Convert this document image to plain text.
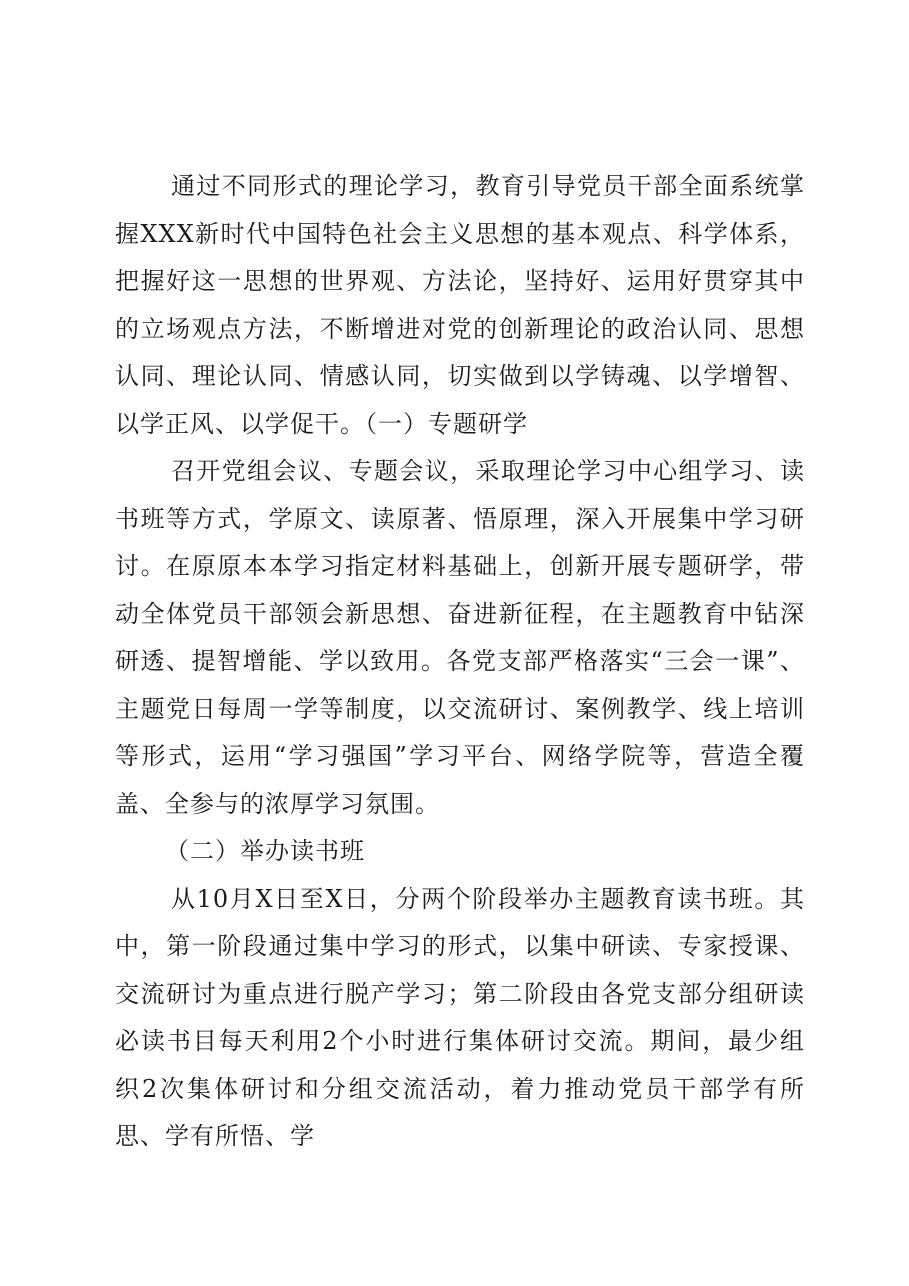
通过不同形式的理论学习，教育引导党员干部全面系统掌握XXX新时代中国特色社会主义思想的基本观点、科学体系，把握好这一思想的世界观、方法论，坚持好、运用好贯穿其中的立场观点方法，不断增进对党的创新理论的政治认同、思想认同、理论认同、情感认同，切实做到以学铸魂、以学增智、以学正风、以学促干。（一）专题研学

召开党组会议、专题会议，采取理论学习中心组学习、读书班等方式，学原文、读原著、悟原理，深入开展集中学习研讨。在原原本本学习指定材料基础上，创新开展专题研学，带动全体党员干部领会新思想、奋进新征程，在主题教育中钻深研透、提智增能、学以致用。各党支部严格落实“三会一课”、主题党日每周一学等制度，以交流研讨、案例教学、线上培训等形式，运用“学习强国”学习平台、网络学院等，营造全覆盖、全参与的浓厚学习氛围。

（二）举办读书班

从10月X日至X日，分两个阶段举办主题教育读书班。其中，第一阶段通过集中学习的形式，以集中研读、专家授课、交流研讨为重点进行脱产学习；第二阶段由各党支部分组研读必读书目每天利用2个小时进行集体研讨交流。期间，最少组织2次集体研讨和分组交流活动，着力推动党员干部学有所思、学有所悟、学
